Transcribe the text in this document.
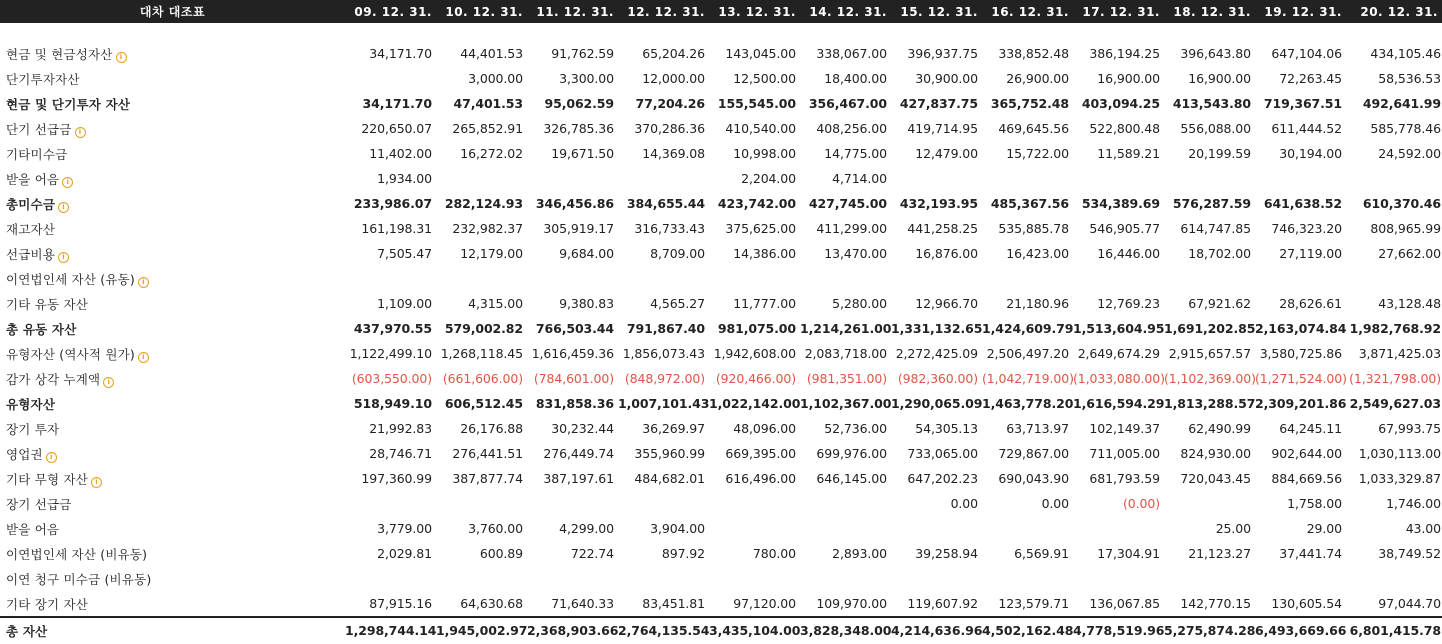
대차 대조표	09. 12. 31.	10. 12. 31.	11. 12. 31.	12. 12. 31.	13. 12. 31.	14. 12. 31.	15. 12. 31.	16. 12. 31.	17. 12. 31.	18. 12. 31.	19. 12. 31.	20. 12. 31.

현금 및 현금성자산 i	34,171.70	44,401.53	91,762.59	65,204.26	143,045.00	338,067.00	396,937.75	338,852.48	386,194.25	396,643.80	647,104.06	434,105.46
단기투자자산		3,000.00	3,300.00	12,000.00	12,500.00	18,400.00	30,900.00	26,900.00	16,900.00	16,900.00	72,263.45	58,536.53
현금 및 단기투자 자산	34,171.70	47,401.53	95,062.59	77,204.26	155,545.00	356,467.00	427,837.75	365,752.48	403,094.25	413,543.80	719,367.51	492,641.99
단기 선급금 i	220,650.07	265,852.91	326,785.36	370,286.36	410,540.00	408,256.00	419,714.95	469,645.56	522,800.48	556,088.00	611,444.52	585,778.46
기타미수금	11,402.00	16,272.02	19,671.50	14,369.08	10,998.00	14,775.00	12,479.00	15,722.00	11,589.21	20,199.59	30,194.00	24,592.00
받을 어음 i	1,934.00				2,204.00	4,714.00						
총미수금 i	233,986.07	282,124.93	346,456.86	384,655.44	423,742.00	427,745.00	432,193.95	485,367.56	534,389.69	576,287.59	641,638.52	610,370.46
재고자산	161,198.31	232,982.37	305,919.17	316,733.43	375,625.00	411,299.00	441,258.25	535,885.78	546,905.77	614,747.85	746,323.20	808,965.99
선급비용 i	7,505.47	12,179.00	9,684.00	8,709.00	14,386.00	13,470.00	16,876.00	16,423.00	16,446.00	18,702.00	27,119.00	27,662.00
이연법인세 자산 (유동) i												
기타 유동 자산	1,109.00	4,315.00	9,380.83	4,565.27	11,777.00	5,280.00	12,966.70	21,180.96	12,769.23	67,921.62	28,626.61	43,128.48
총 유동 자산	437,970.55	579,002.82	766,503.44	791,867.40	981,075.00	1,214,261.00	1,331,132.65	1,424,609.79	1,513,604.95	1,691,202.85	2,163,074.84	1,982,768.92
유형자산 (역사적 원가) i	1,122,499.10	1,268,118.45	1,616,459.36	1,856,073.43	1,942,608.00	2,083,718.00	2,272,425.09	2,506,497.20	2,649,674.29	2,915,657.57	3,580,725.86	3,871,425.03
감가 상각 누계액 i	(603,550.00)	(661,606.00)	(784,601.00)	(848,972.00)	(920,466.00)	(981,351.00)	(982,360.00)	(1,042,719.00)	(1,033,080.00)	(1,102,369.00)	(1,271,524.00)	(1,321,798.00)
유형자산	518,949.10	606,512.45	831,858.36	1,007,101.43	1,022,142.00	1,102,367.00	1,290,065.09	1,463,778.20	1,616,594.29	1,813,288.57	2,309,201.86	2,549,627.03
장기 투자	21,992.83	26,176.88	30,232.44	36,269.97	48,096.00	52,736.00	54,305.13	63,713.97	102,149.37	62,490.99	64,245.11	67,993.75
영업권 i	28,746.71	276,441.51	276,449.74	355,960.99	669,395.00	699,976.00	733,065.00	729,867.00	711,005.00	824,930.00	902,644.00	1,030,113.00
기타 무형 자산 i	197,360.99	387,877.74	387,197.61	484,682.01	616,496.00	646,145.00	647,202.23	690,043.90	681,793.59	720,043.45	884,669.56	1,033,329.87
장기 선급금							0.00	0.00	(0.00)		1,758.00	1,746.00
받을 어음	3,779.00	3,760.00	4,299.00	3,904.00						25.00	29.00	43.00
이연법인세 자산 (비유동)	2,029.81	600.89	722.74	897.92	780.00	2,893.00	39,258.94	6,569.91	17,304.91	21,123.27	37,441.74	38,749.52
이연 청구 미수금 (비유동)												
기타 장기 자산	87,915.16	64,630.68	71,640.33	83,451.81	97,120.00	109,970.00	119,607.92	123,579.71	136,067.85	142,770.15	130,605.54	97,044.70
총 자산	1,298,744.14	1,945,002.97	2,368,903.66	2,764,135.54	3,435,104.00	3,828,348.00	4,214,636.96	4,502,162.48	4,778,519.96	5,275,874.28	6,493,669.66	6,801,415.78
